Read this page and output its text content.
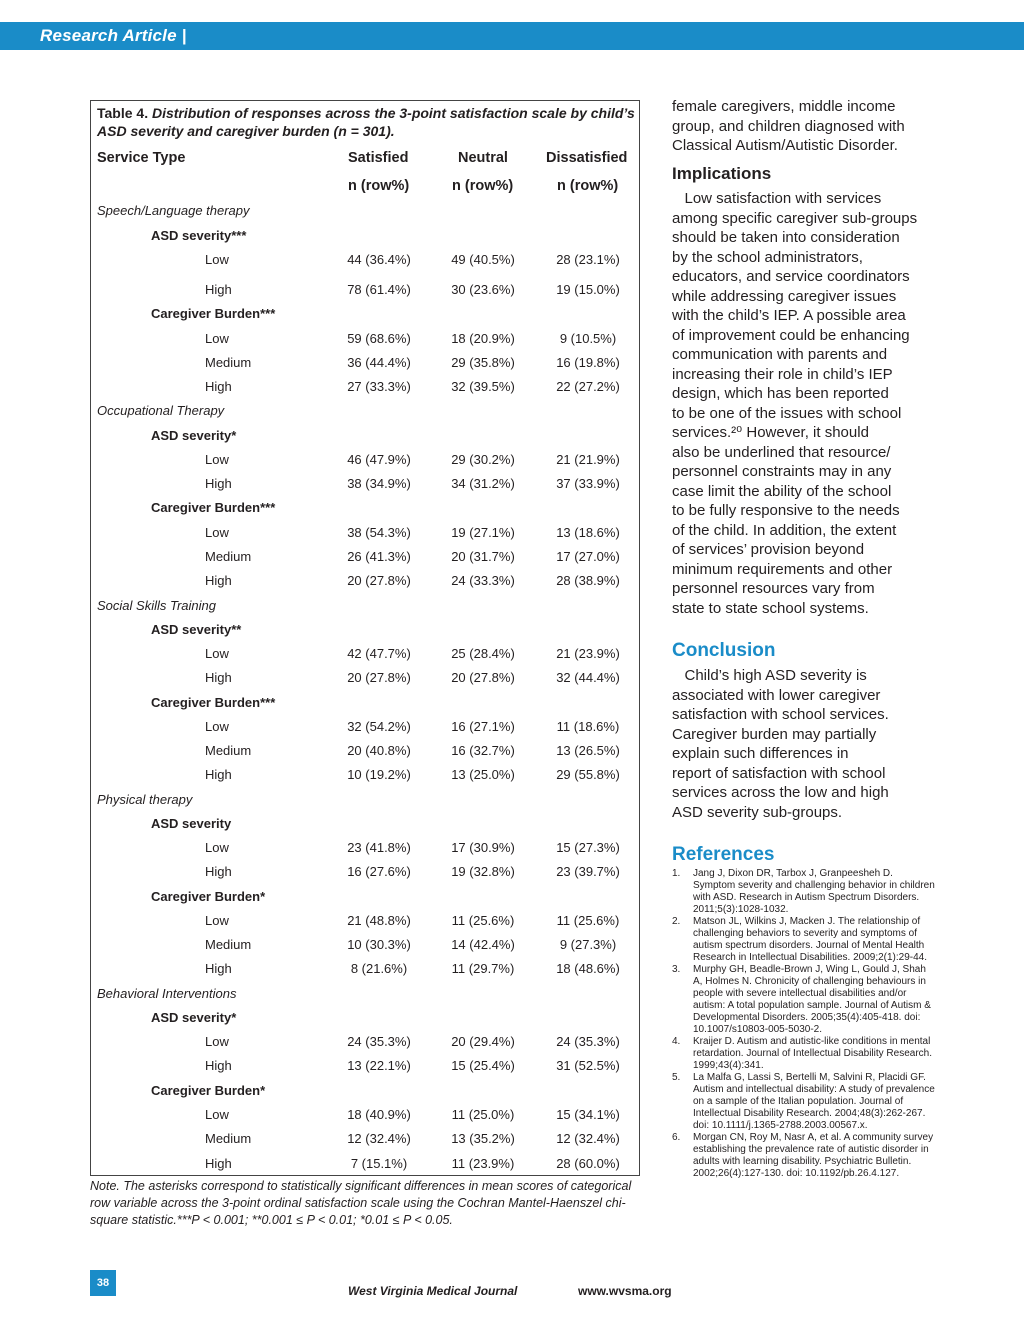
Research Article |
Table 4. Distribution of responses across the 3-point satisfaction scale by child’s ASD severity and caregiver burden (n = 301).
Service Type	Satisfied	Neutral	Dissatisfied
n (row%)	n (row%)	n (row%)
Speech/Language therapy
ASD severity***
Low	44 (36.4%)	49 (40.5%)	28 (23.1%)
High	78 (61.4%)	30 (23.6%)	19 (15.0%)
Caregiver Burden***
Low	59 (68.6%)	18 (20.9%)	9 (10.5%)
Medium	36 (44.4%)	29 (35.8%)	16 (19.8%)
High	27 (33.3%)	32 (39.5%)	22 (27.2%)
Occupational Therapy
ASD severity*
Low	46 (47.9%)	29 (30.2%)	21 (21.9%)
High	38 (34.9%)	34 (31.2%)	37 (33.9%)
Caregiver Burden***
Low	38 (54.3%)	19 (27.1%)	13 (18.6%)
Medium	26 (41.3%)	20 (31.7%)	17 (27.0%)
High	20 (27.8%)	24 (33.3%)	28 (38.9%)
Social Skills Training
ASD severity**
Low	42 (47.7%)	25 (28.4%)	21 (23.9%)
High	20 (27.8%)	20 (27.8%)	32 (44.4%)
Caregiver Burden***
Low	32 (54.2%)	16 (27.1%)	11 (18.6%)
Medium	20 (40.8%)	16 (32.7%)	13 (26.5%)
High	10 (19.2%)	13 (25.0%)	29 (55.8%)
Physical therapy
ASD severity
Low	23 (41.8%)	17 (30.9%)	15 (27.3%)
High	16 (27.6%)	19 (32.8%)	23 (39.7%)
Caregiver Burden*
Low	21 (48.8%)	11 (25.6%)	11 (25.6%)
Medium	10 (30.3%)	14 (42.4%)	9 (27.3%)
High	8 (21.6%)	11 (29.7%)	18 (48.6%)
Behavioral Interventions
ASD severity*
Low	24 (35.3%)	20 (29.4%)	24 (35.3%)
High	13 (22.1%)	15 (25.4%)	31 (52.5%)
Caregiver Burden*
Low	18 (40.9%)	11 (25.0%)	15 (34.1%)
Medium	12 (32.4%)	13 (35.2%)	12 (32.4%)
High	7 (15.1%)	11 (23.9%)	28 (60.0%)
Note. The asterisks correspond to statistically significant differences in mean scores of categorical row variable across the 3-point ordinal satisfaction scale using the Cochran Mantel-Haenszel chi-square statistic.***P < 0.001; **0.001 ≤ P < 0.01; *0.01 ≤ P < 0.05.
female caregivers, middle income
group, and children diagnosed with
Classical Autism/Autistic Disorder.
Implications
Low satisfaction with services
among specific caregiver sub-groups
should be taken into consideration
by the school administrators,
educators, and service coordinators
while addressing caregiver issues
with the child’s IEP. A possible area
of improvement could be enhancing
communication with parents and
increasing their role in child’s IEP
design, which has been reported
to be one of the issues with school
services.²⁰ However, it should
also be underlined that resource/
personnel constraints may in any
case limit the ability of the school
to be fully responsive to the needs
of the child. In addition, the extent
of services’ provision beyond
minimum requirements and other
personnel resources vary from
state to state school systems.
Conclusion
Child’s high ASD severity is
associated with lower caregiver
satisfaction with school services.
Caregiver burden may partially
explain such differences in
report of satisfaction with school
services across the low and high
ASD severity sub-groups.
References
1.	Jang J, Dixon DR, Tarbox J, Granpeesheh D. Symptom severity and challenging behavior in children with ASD. Research in Autism Spectrum Disorders. 2011;5(3):1028-1032.
2.	Matson JL, Wilkins J, Macken J. The relationship of challenging behaviors to severity and symptoms of autism spectrum disorders. Journal of Mental Health Research in Intellectual Disabilities. 2009;2(1):29-44.
3.	Murphy GH, Beadle-Brown J, Wing L, Gould J, Shah A, Holmes N. Chronicity of challenging behaviours in people with severe intellectual disabilities and/or autism: A total population sample. Journal of Autism & Developmental Disorders. 2005;35(4):405-418. doi: 10.1007/s10803-005-5030-2.
4.	Kraijer D. Autism and autistic-like conditions in mental retardation. Journal of Intellectual Disability Research. 1999;43(4):341.
5.	La Malfa G, Lassi S, Bertelli M, Salvini R, Placidi GF. Autism and intellectual disability: A study of prevalence on a sample of the Italian population. Journal of Intellectual Disability Research. 2004;48(3):262-267. doi: 10.1111/j.1365-2788.2003.00567.x.
6.	Morgan CN, Roy M, Nasr A, et al. A community survey establishing the prevalence rate of autistic disorder in adults with learning disability. Psychiatric Bulletin. 2002;26(4):127-130. doi: 10.1192/pb.26.4.127.
38
West Virginia Medical Journal	www.wvsma.org
